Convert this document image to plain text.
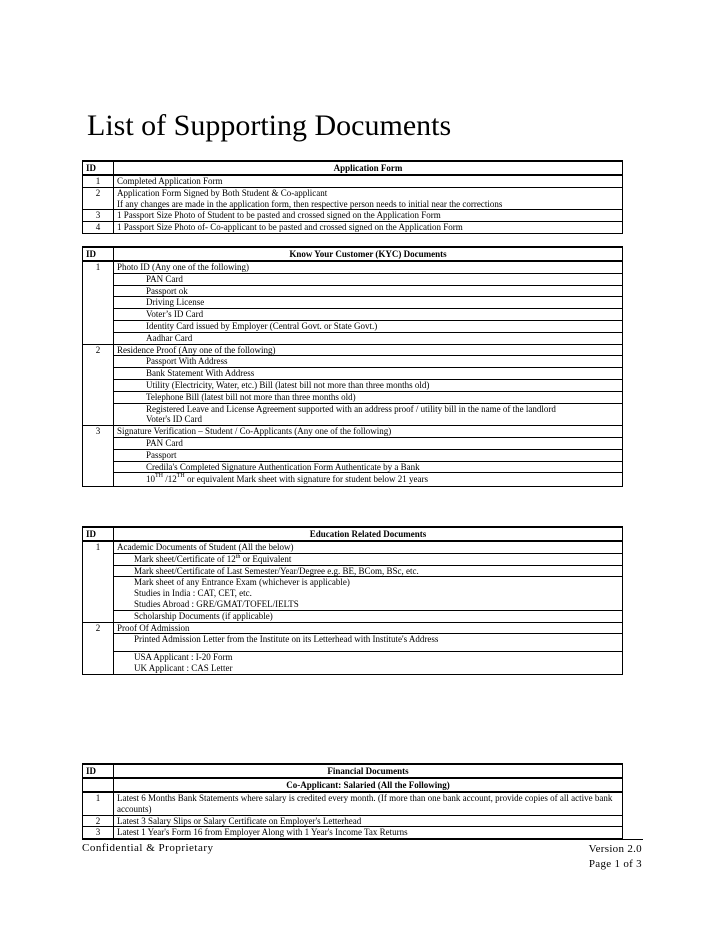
List of Supporting Documents
ID	Application Form
1	Completed Application Form
2	Application Form Signed by Both Student & Co-applicant
If any changes are made in the application form, then respective person needs to initial near the corrections

3	1 Passport Size Photo of Student to be pasted and crossed signed on the Application Form
4	1 Passport Size Photo of- Co-applicant to be pasted and crossed signed on the Application Form
ID	Know Your Customer (KYC) Documents
1	Photo ID (Any one of the following)
	PAN Card
	Passport ok
	Driving License
	Voter’s ID Card
	Identity Card issued by Employer (Central Govt. or State Govt.)
	Aadhar Card
2	Residence Proof (Any one of the following)
	Passport With Address
	Bank Statement With Address
	Utility (Electricity, Water, etc.) Bill (latest bill not more than three months old)
	Telephone Bill (latest bill not more than three months old)

	Registered Leave and License Agreement supported with an address proof / utility bill in the name of the landlord
Voter's ID Card

3	Signature Verification – Student / Co-Applicants (Any one of the following)
	PAN Card
	Passport
	Credila's Completed Signature Authentication Form Authenticate by a Bank
	10TH /12TH or equivalent Mark sheet with signature for student below 21 years
ID	Education Related Documents
1	Academic Documents of Student (All the below)
	Mark sheet/Certificate of 12th or Equivalent
	Mark sheet/Certificate of Last Semester/Year/Degree e.g. BE, BCom, BSc, etc.

	Mark sheet of any Entrance Exam (whichever is applicable)
Studies in India : CAT, CET, etc.
Studies Abroad : GRE/GMAT/TOFEL/IELTS

	Scholarship Documents (if applicable)
2	Proof Of Admission
	Printed Admission Letter from the Institute on its Letterhead with Institute's Address

	USA Applicant : I-20 Form
UK Applicant : CAS Letter
ID	Financial Documents
	Co-Applicant: Salaried (All the Following)
1	Latest 6 Months Bank Statements where salary is credited every month. (If more than one bank account, provide copies of all active bank accounts)
2	Latest 3 Salary Slips or Salary Certificate on Employer's Letterhead
3	Latest 1 Year's Form 16 from Employer Along with 1 Year's Income Tax Returns
Confidential & Proprietary	Version 2.0
Page 1 of 3
